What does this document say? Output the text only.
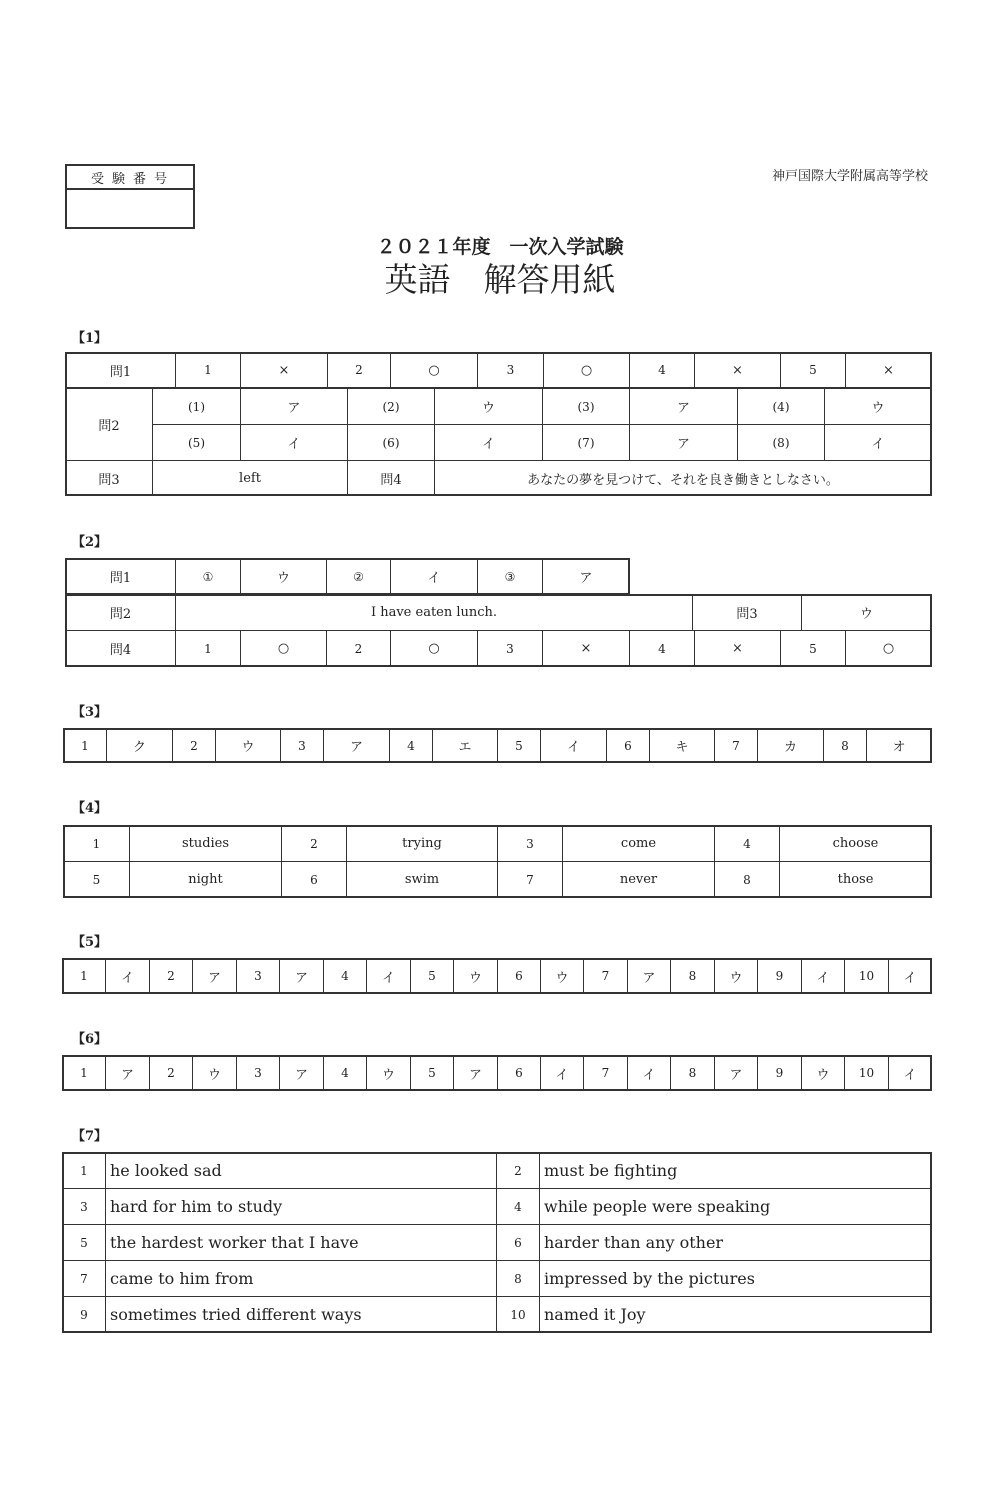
受験番号	神戸国際大学附属高等学校
２０２１年度　一次入学試験
英語　解答用紙
【1】
【2】
【3】
【4】
【5】
【6】
【7】
問1	1	×	2	○	3	○	4	×	5	×
問2
(1)	ア	(2)	ウ	(3)	ア	(4)	ウ
(5)	イ	(6)	イ	(7)	ア	(8)	イ
問3	left	問4	あなたの夢を見つけて、それを良き働きとしなさい。
問1	①	ウ	②	イ	③	ア
問2	I have eaten lunch.	問3	ウ
問4	1	○	2	○	3	×	4	×	5	○
1	ク	2	ウ	3	ア	4	エ	5	イ	6	キ	7	カ	8	オ
1	studies	2	trying	3	come	4	choose
5	night	6	swim	7	never	8	those
1	イ	2	ア	3	ア	4	イ	5	ウ	6	ウ	7	ア	8	ウ	9	イ	10	イ
1	ア	2	ウ	3	ア	4	ウ	5	ア	6	イ	7	イ	8	ア	9	ウ	10	イ
1	he looked sad	2	must be fighting
3	hard for him to study	4	while people were speaking
5	the hardest worker that I have	6	harder than any other
7	came to him from	8	impressed by the pictures
9	sometimes tried different ways	10	named it Joy
